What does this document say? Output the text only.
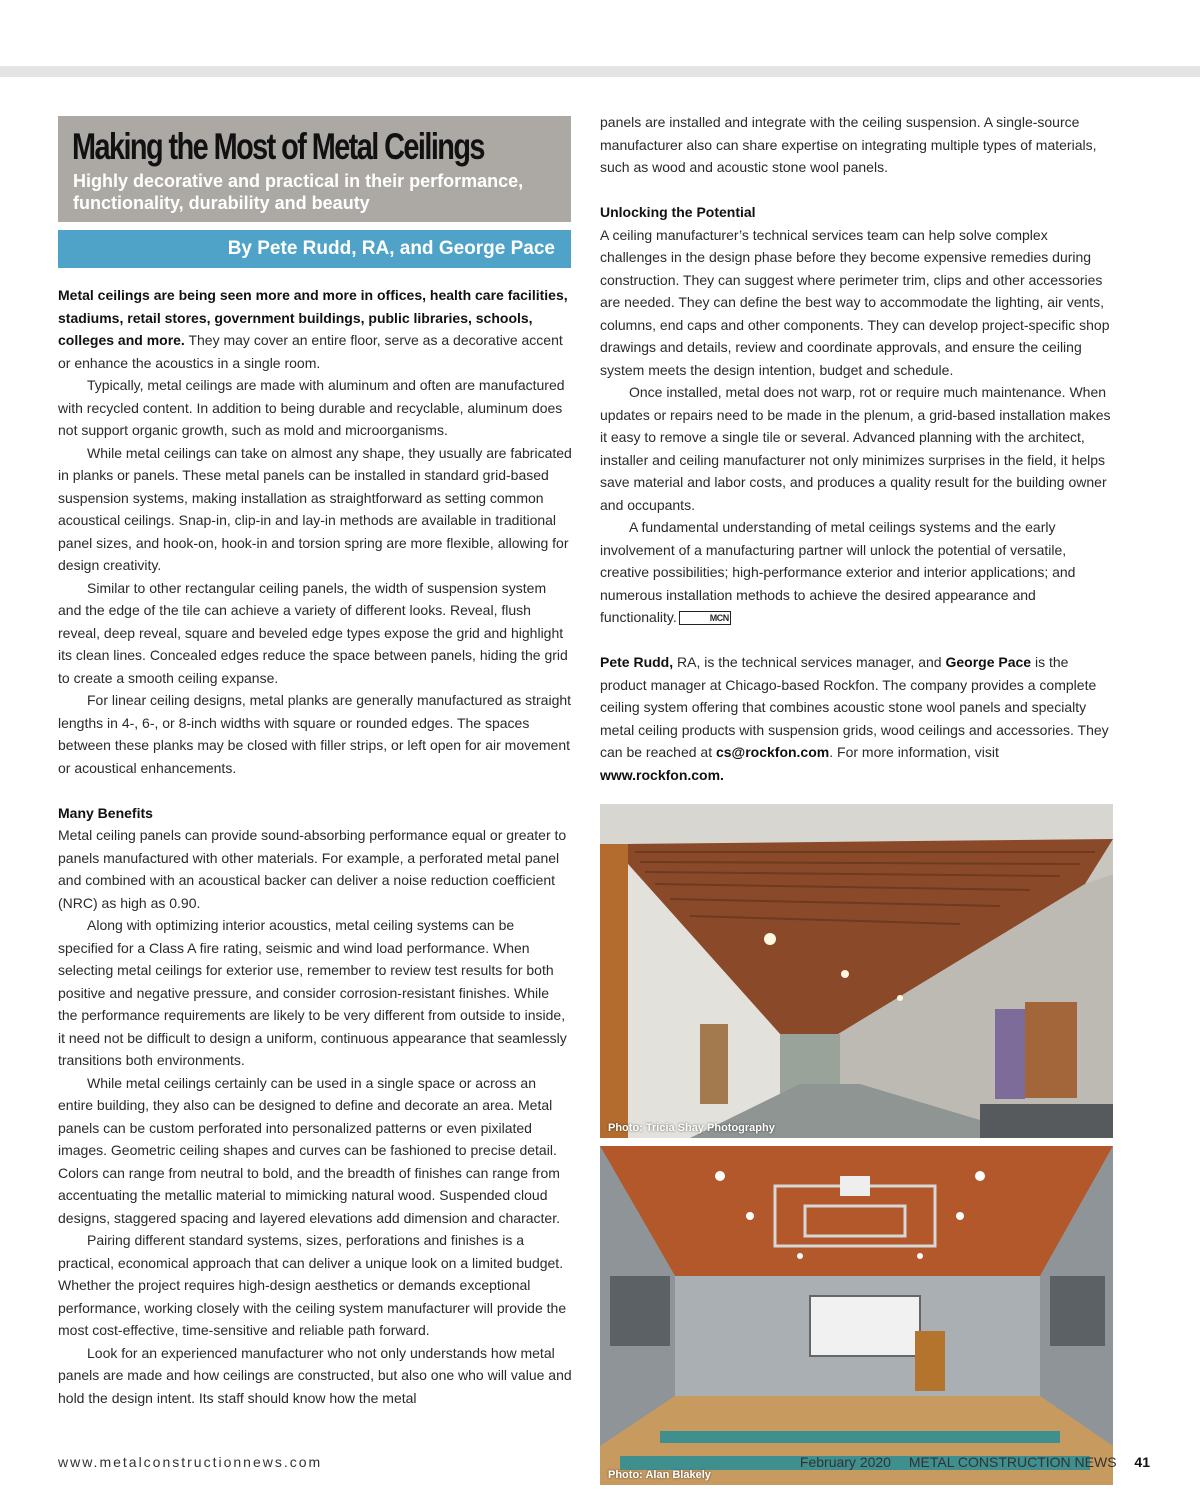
Making the Most of Metal Ceilings

Highly decorative and practical in their performance, functionality, durability and beauty

By Pete Rudd, RA, and George Pace

Metal ceilings are being seen more and more in offices, health care facilities, stadiums, retail stores, government buildings, public libraries, schools, colleges and more. They may cover an entire floor, serve as a decorative accent or enhance the acoustics in a single room.

Typically, metal ceilings are made with aluminum and often are manufactured with recycled content. In addition to being durable and recyclable, aluminum does not support organic growth, such as mold and microorganisms.

While metal ceilings can take on almost any shape, they usually are fabricated in planks or panels. These metal panels can be installed in standard grid-based suspension systems, making installation as straightforward as setting common acoustical ceilings. Snap-in, clip-in and lay-in methods are available in traditional panel sizes, and hook-on, hook-in and torsion spring are more flexible, allowing for design creativity.

Similar to other rectangular ceiling panels, the width of suspension system and the edge of the tile can achieve a variety of different looks. Reveal, flush reveal, deep reveal, square and beveled edge types expose the grid and highlight its clean lines. Concealed edges reduce the space between panels, hiding the grid to create a smooth ceiling expanse.

For linear ceiling designs, metal planks are generally manufactured as straight lengths in 4-, 6-, or 8-inch widths with square or rounded edges. The spaces between these planks may be closed with filler strips, or left open for air movement or acoustical enhancements.

Many Benefits

Metal ceiling panels can provide sound-absorbing performance equal or greater to panels manufactured with other materials. For example, a perforated metal panel and combined with an acoustical backer can deliver a noise reduction coefficient (NRC) as high as 0.90.

Along with optimizing interior acoustics, metal ceiling systems can be specified for a Class A fire rating, seismic and wind load performance. When selecting metal ceilings for exterior use, remember to review test results for both positive and negative pressure, and consider corrosion-resistant finishes. While the performance requirements are likely to be very different from outside to inside, it need not be difficult to design a uniform, continuous appearance that seamlessly transitions both environments.

While metal ceilings certainly can be used in a single space or across an entire building, they also can be designed to define and decorate an area. Metal panels can be custom perforated into personalized patterns or even pixilated images. Geometric ceiling shapes and curves can be fashioned to precise detail. Colors can range from neutral to bold, and the breadth of finishes can range from accentuating the metallic material to mimicking natural wood. Suspended cloud designs, staggered spacing and layered elevations add dimension and character.

Pairing different standard systems, sizes, perforations and finishes is a practical, economical approach that can deliver a unique look on a limited budget. Whether the project requires high-design aesthetics or demands exceptional performance, working closely with the ceiling system manufacturer will provide the most cost-effective, time-sensitive and reliable path forward.

Look for an experienced manufacturer who not only understands how metal panels are made and how ceilings are constructed, but also one who will value and hold the design intent. Its staff should know how the metal

panels are installed and integrate with the ceiling suspension. A single-source manufacturer also can share expertise on integrating multiple types of materials, such as wood and acoustic stone wool panels.

Unlocking the Potential

A ceiling manufacturer’s technical services team can help solve complex challenges in the design phase before they become expensive remedies during construction. They can suggest where perimeter trim, clips and other accessories are needed. They can define the best way to accommodate the lighting, air vents, columns, end caps and other components. They can develop project-specific shop drawings and details, review and coordinate approvals, and ensure the ceiling system meets the design intention, budget and schedule.

Once installed, metal does not warp, rot or require much maintenance. When updates or repairs need to be made in the plenum, a grid-based installation makes it easy to remove a single tile or several. Advanced planning with the architect, installer and ceiling manufacturer not only minimizes surprises in the field, it helps save material and labor costs, and produces a quality result for the building owner and occupants.

A fundamental understanding of metal ceilings systems and the early involvement of a manufacturing partner will unlock the potential of versatile, creative possibilities; high-performance exterior and interior applications; and numerous installation methods to achieve the desired appearance and functionality.	MCN

Pete Rudd, RA, is the technical services manager, and George Pace is the product manager at Chicago-based Rockfon. The company provides a complete ceiling system offering that combines acoustic stone wool panels and specialty metal ceiling products with suspension grids, wood ceilings and accessories. They can be reached at cs@rockfon.com. For more information, visit www.rockfon.com.

Photo: Tricia Shay Photography
Photo: Alan Blakely
www.metalconstructionnews.com	February 2020 METAL CONSTRUCTION NEWS 41
